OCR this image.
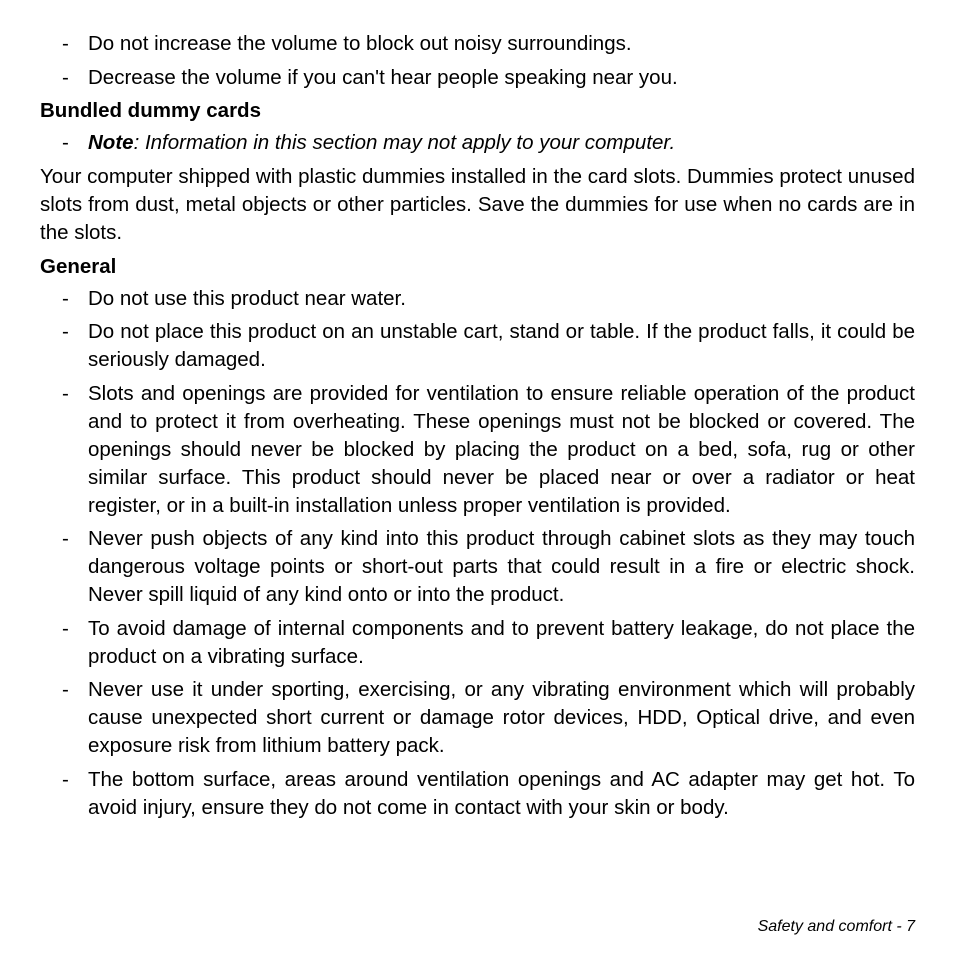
- Do not increase the volume to block out noisy surroundings.
- Decrease the volume if you can't hear people speaking near you.
Bundled dummy cards
- Note: Information in this section may not apply to your computer.

Your computer shipped with plastic dummies installed in the card slots. Dummies protect unused slots from dust, metal objects or other particles. Save the dummies for use when no cards are in the slots.

General
- Do not use this product near water.
- Do not place this product on an unstable cart, stand or table. If the product falls, it could be seriously damaged.
- Slots and openings are provided for ventilation to ensure reliable operation of the product and to protect it from overheating. These openings must not be blocked or covered. The openings should never be blocked by placing the product on a bed, sofa, rug or other similar surface. This product should never be placed near or over a radiator or heat register, or in a built-in installation unless proper ventilation is provided.
- Never push objects of any kind into this product through cabinet slots as they may touch dangerous voltage points or short-out parts that could result in a fire or electric shock. Never spill liquid of any kind onto or into the product.
- To avoid damage of internal components and to prevent battery leakage, do not place the product on a vibrating surface.
- Never use it under sporting, exercising, or any vibrating environment which will probably cause unexpected short current or damage rotor devices, HDD, Optical drive, and even exposure risk from lithium battery pack.
- The bottom surface, areas around ventilation openings and AC adapter may get hot. To avoid injury, ensure they do not come in contact with your skin or body.
Safety and comfort - 7
